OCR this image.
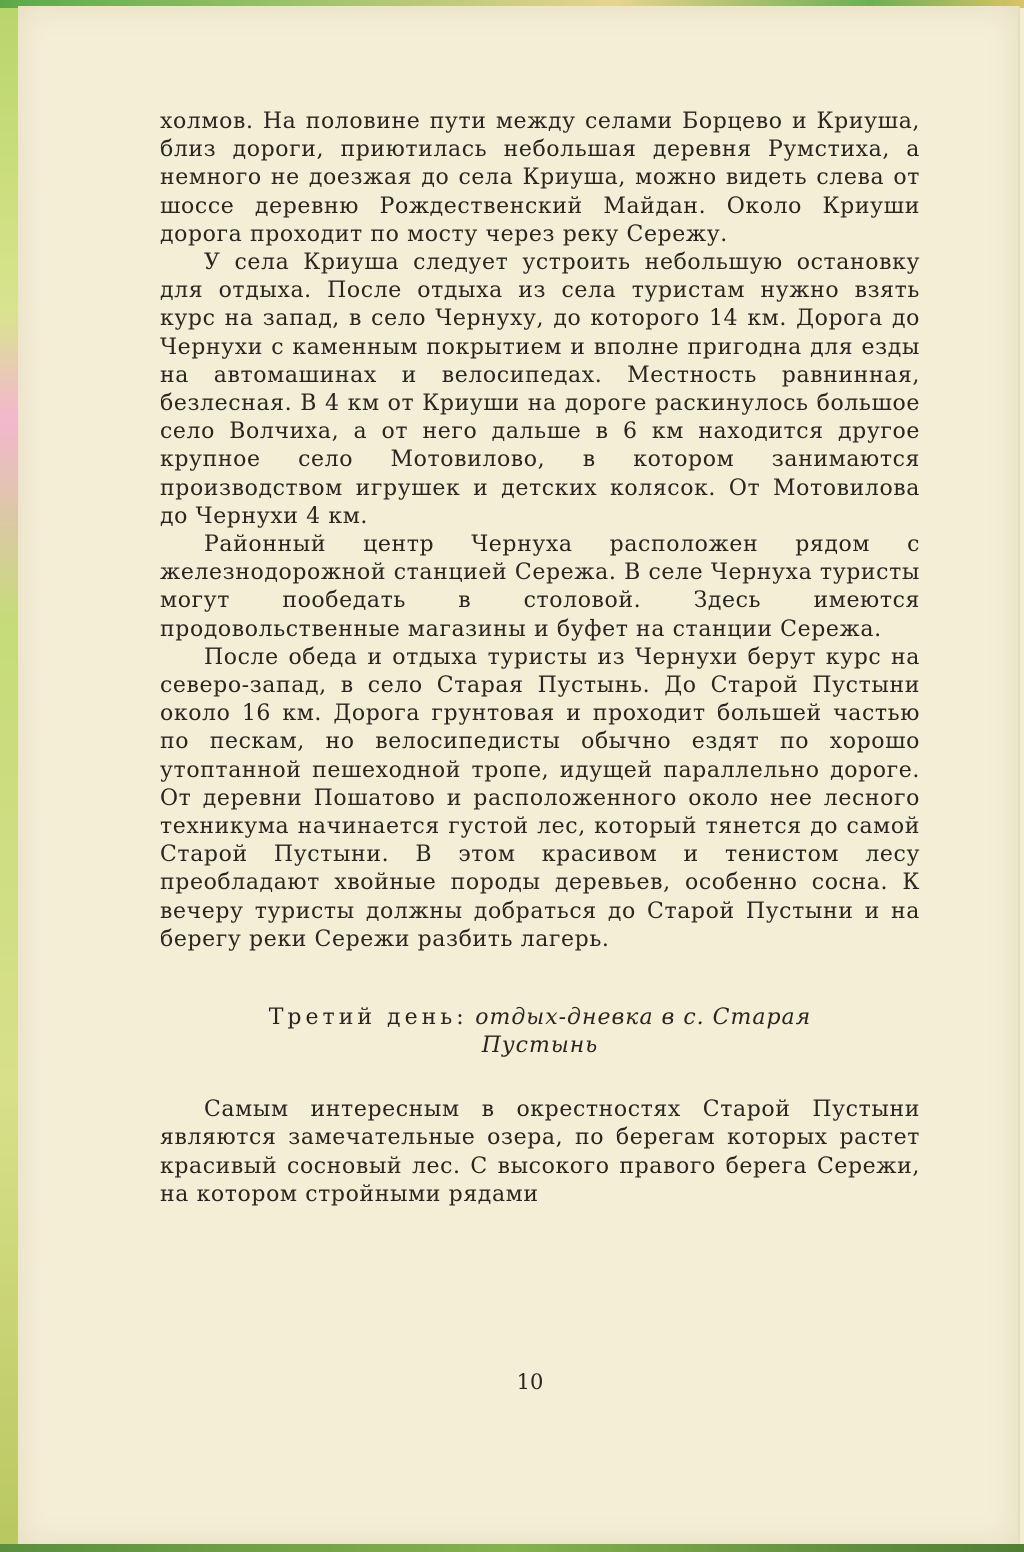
холмов. На половине пути между селами Борцево и Криуша, близ дороги, приютилась небольшая деревня Румстиха, а немного не доезжая до села Криуша, можно видеть слева от шоссе деревню Рождественский Майдан. Около Криуши дорога проходит по мосту через реку Сережу.

У села Криуша следует устроить небольшую остановку для отдыха. После отдыха из села туристам нужно взять курс на запад, в село Чернуху, до которого 14 км. Дорога до Чернухи с каменным покрытием и вполне пригодна для езды на автомашинах и велосипедах. Местность равнинная, безлесная. В 4 км от Криуши на дороге раскинулось большое село Волчиха, а от него дальше в 6 км находится другое крупное село Мотовилово, в котором занимаются производством игрушек и детских колясок. От Мотовилова до Чернухи 4 км.

Районный центр Чернуха расположен рядом с железнодорожной станцией Сережа. В селе Чернуха туристы могут пообедать в столовой. Здесь имеются продовольственные магазины и буфет на станции Сережа.

После обеда и отдыха туристы из Чернухи берут курс на северо-запад, в село Старая Пустынь. До Старой Пустыни около 16 км. Дорога грунтовая и проходит большей частью по пескам, но велосипедисты обычно ездят по хорошо утоптанной пешеходной тропе, идущей параллельно дороге. От деревни Пошатово и расположенного около нее лесного техникума начинается густой лес, который тянется до самой Старой Пустыни. В этом красивом и тенистом лесу преобладают хвойные породы деревьев, особенно сосна. К вечеру туристы должны добраться до Старой Пустыни и на берегу реки Сережи разбить лагерь.

Третий день: отдых-дневка в с. Старая
Пустынь

Самым интересным в окрестностях Старой Пустыни являются замечательные озера, по берегам которых растет красивый сосновый лес. С высокого правого берега Сережи, на котором стройными рядами

10
